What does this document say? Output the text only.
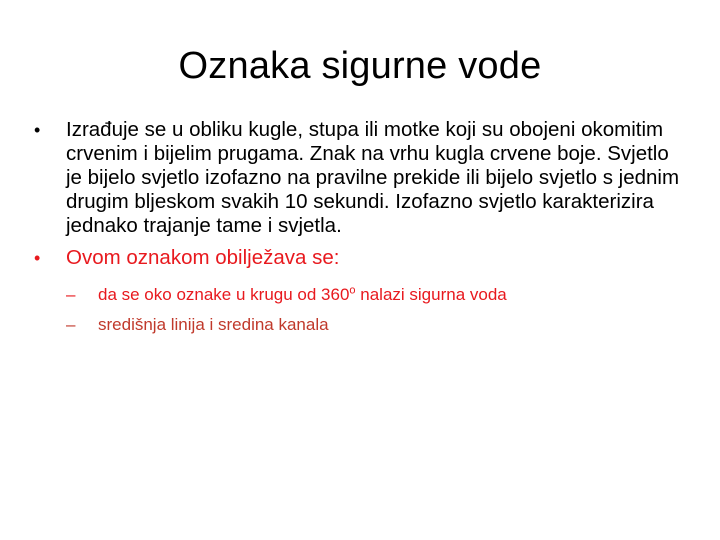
Oznaka sigurne vode
• Izrađuje se u obliku kugle, stupa ili motke koji su obojeni okomitim crvenim i bijelim prugama. Znak na vrhu kugla crvene boje. Svjetlo je bijelo svjetlo izofazno na pravilne prekide ili bijelo svjetlo s jednim drugim bljeskom svakih 10 sekundi. Izofazno svjetlo karakterizira jednako trajanje tame i svjetla.
• Ovom oznakom obilježava se:
– da se oko oznake u krugu od 360$^o$ nalazi sigurna voda
– središnja linija i sredina kanala
